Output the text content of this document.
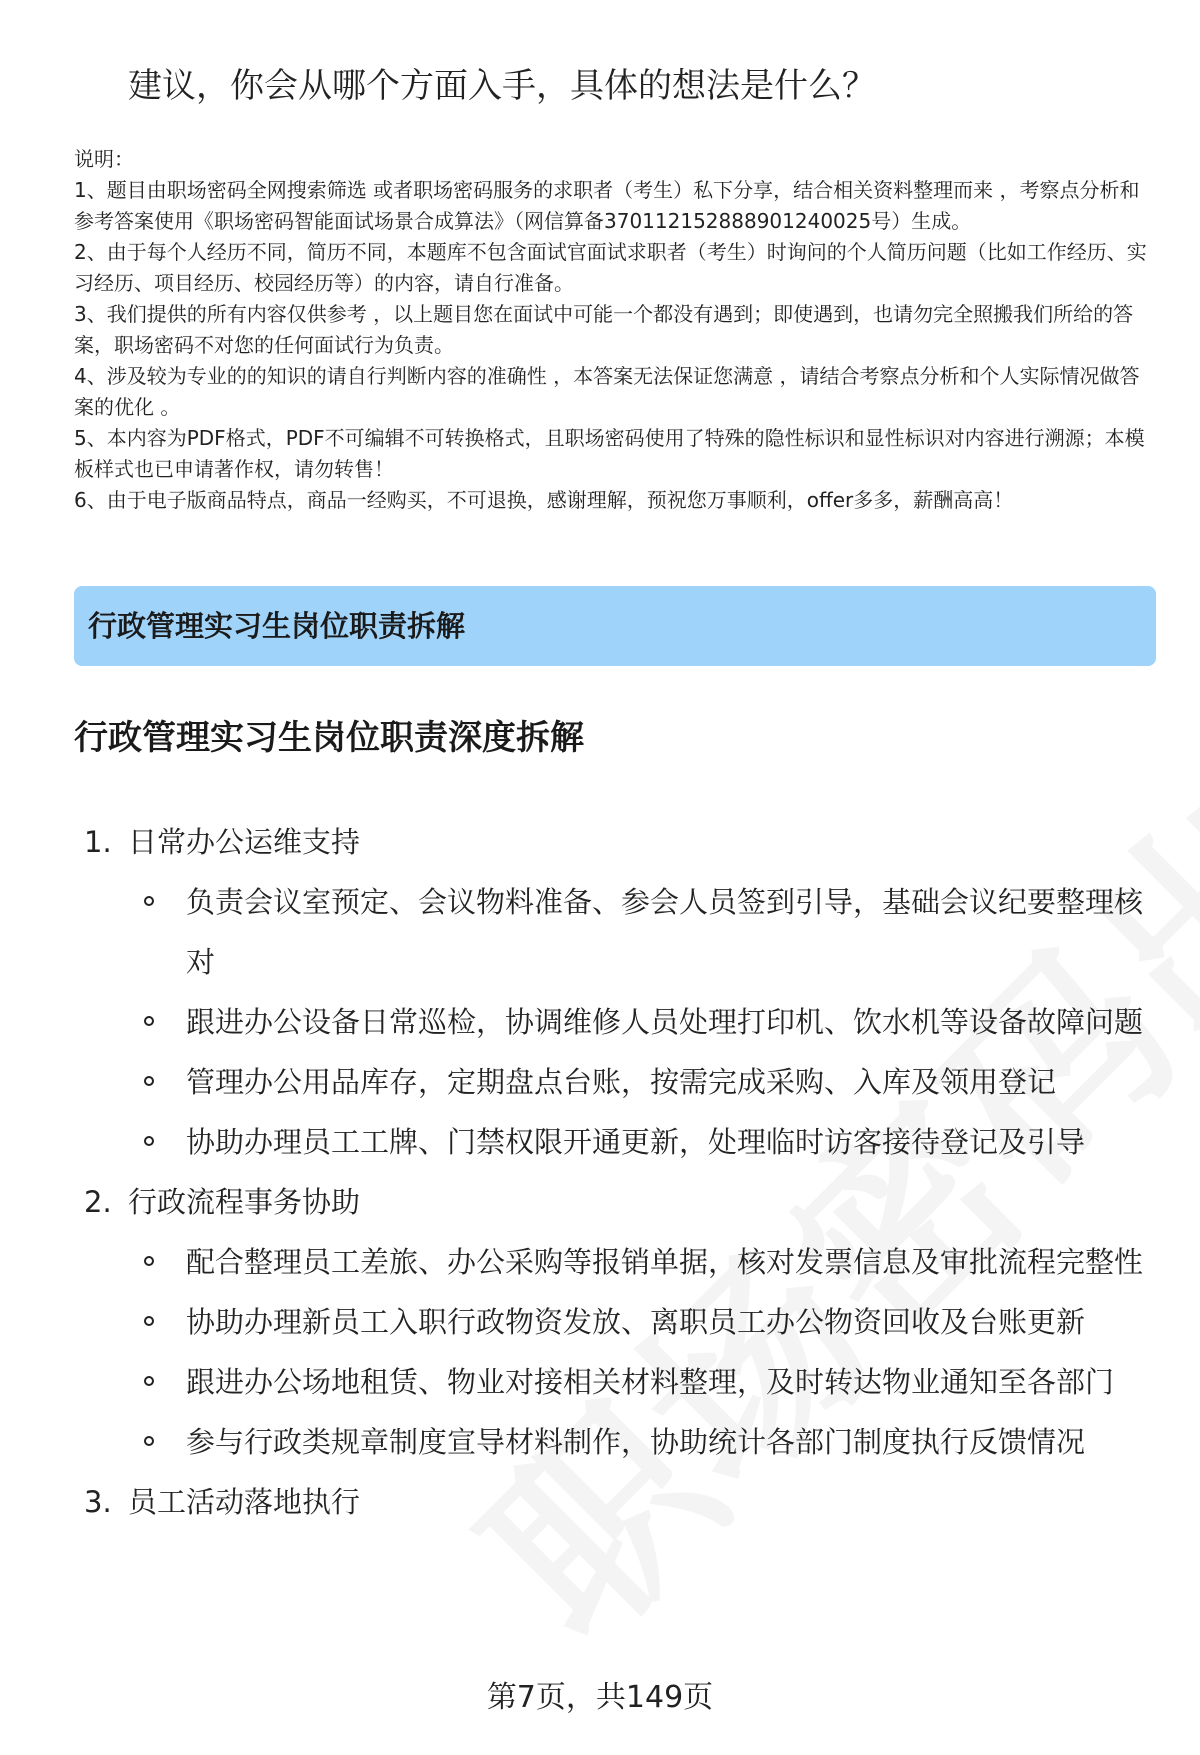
建议，你会从哪个方面入手，具体的想法是什么？
说明：
1、题目由职场密码全网搜索筛选 或者职场密码服务的求职者（考生）私下分享，结合相关资料整理而来 ，考察点分析和参考答案使用《职场密码智能面试场景合成算法》（网信算备370112152888901240025号）生成。
2、由于每个人经历不同，简历不同，本题库不包含面试官面试求职者（考生）时询问的个人简历问题（比如工作经历、实习经历、项目经历、校园经历等）的内容，请自行准备。
3、我们提供的所有内容仅供参考 ，以上题目您在面试中可能一个都没有遇到；即使遇到，也请勿完全照搬我们所给的答案，职场密码不对您的任何面试行为负责。
4、涉及较为专业的的知识的请自行判断内容的准确性 ，本答案无法保证您满意 ，请结合考察点分析和个人实际情况做答案的优化 。
5、本内容为PDF格式，PDF不可编辑不可转换格式，且职场密码使用了特殊的隐性标识和显性标识对内容进行溯源；本模板样式也已申请著作权，请勿转售！
6、由于电子版商品特点，商品一经购买，不可退换，感谢理解，预祝您万事顺利，offer多多，薪酬高高！
行政管理实习生岗位职责拆解
行政管理实习生岗位职责深度拆解
1. 日常办公运维支持
负责会议室预定、会议物料准备、参会人员签到引导，基础会议纪要整理核对
跟进办公设备日常巡检，协调维修人员处理打印机、饮水机等设备故障问题
管理办公用品库存，定期盘点台账，按需完成采购、入库及领用登记
协助办理员工工牌、门禁权限开通更新，处理临时访客接待登记及引导
2. 行政流程事务协助
配合整理员工差旅、办公采购等报销单据，核对发票信息及审批流程完整性
协助办理新员工入职行政物资发放、离职员工办公物资回收及台账更新
跟进办公场地租赁、物业对接相关材料整理，及时转达物业通知至各部门
参与行政类规章制度宣导材料制作，协助统计各部门制度执行反馈情况
3. 员工活动落地执行
第7页，共149页
